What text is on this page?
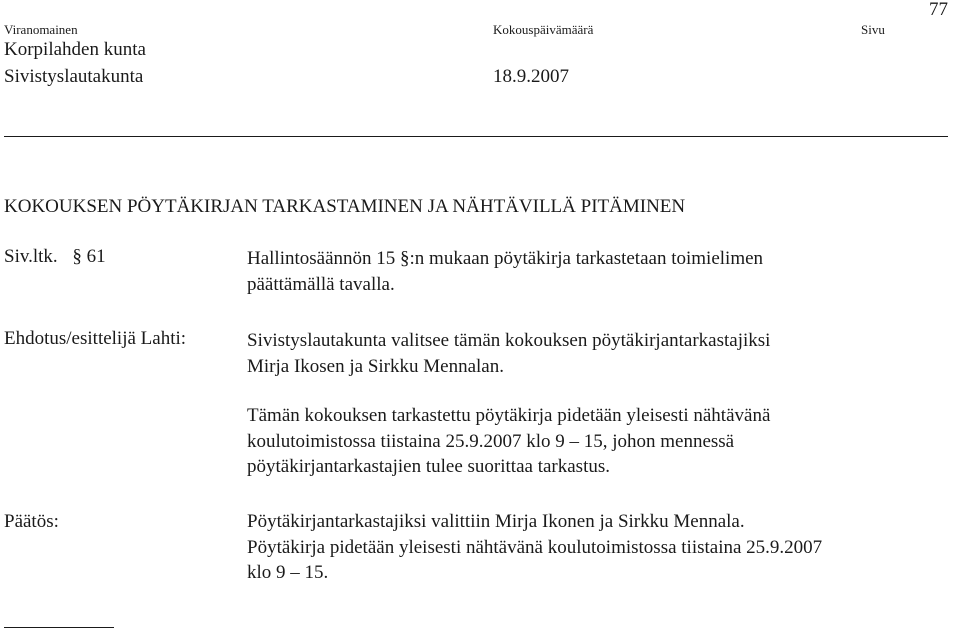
Viranomainen	Kokouspäivämäärä	Sivu
77
Korpilahden kunta
Sivistyslautakunta	18.9.2007
KOKOUKSEN PÖYTÄKIRJAN TARKASTAMINEN JA NÄHTÄVILLÄ PITÄMINEN
Siv.ltk. § 61	Hallintosäännön 15 §:n mukaan pöytäkirja tarkastetaan toimielimen
päättämällä tavalla.
Ehdotus/esittelijä Lahti:	Sivistyslautakunta valitsee tämän kokouksen pöytäkirjantarkastajiksi
Mirja Ikosen ja Sirkku Mennalan.
Tämän kokouksen tarkastettu pöytäkirja pidetään yleisesti nähtävänä
koulutoimistossa tiistaina 25.9.2007 klo 9 – 15, johon mennessä
pöytäkirjantarkastajien tulee suorittaa tarkastus.
Päätös:	Pöytäkirjantarkastajiksi valittiin Mirja Ikonen ja Sirkku Mennala.
Pöytäkirja pidetään yleisesti nähtävänä koulutoimistossa tiistaina 25.9.2007
klo 9 – 15.
